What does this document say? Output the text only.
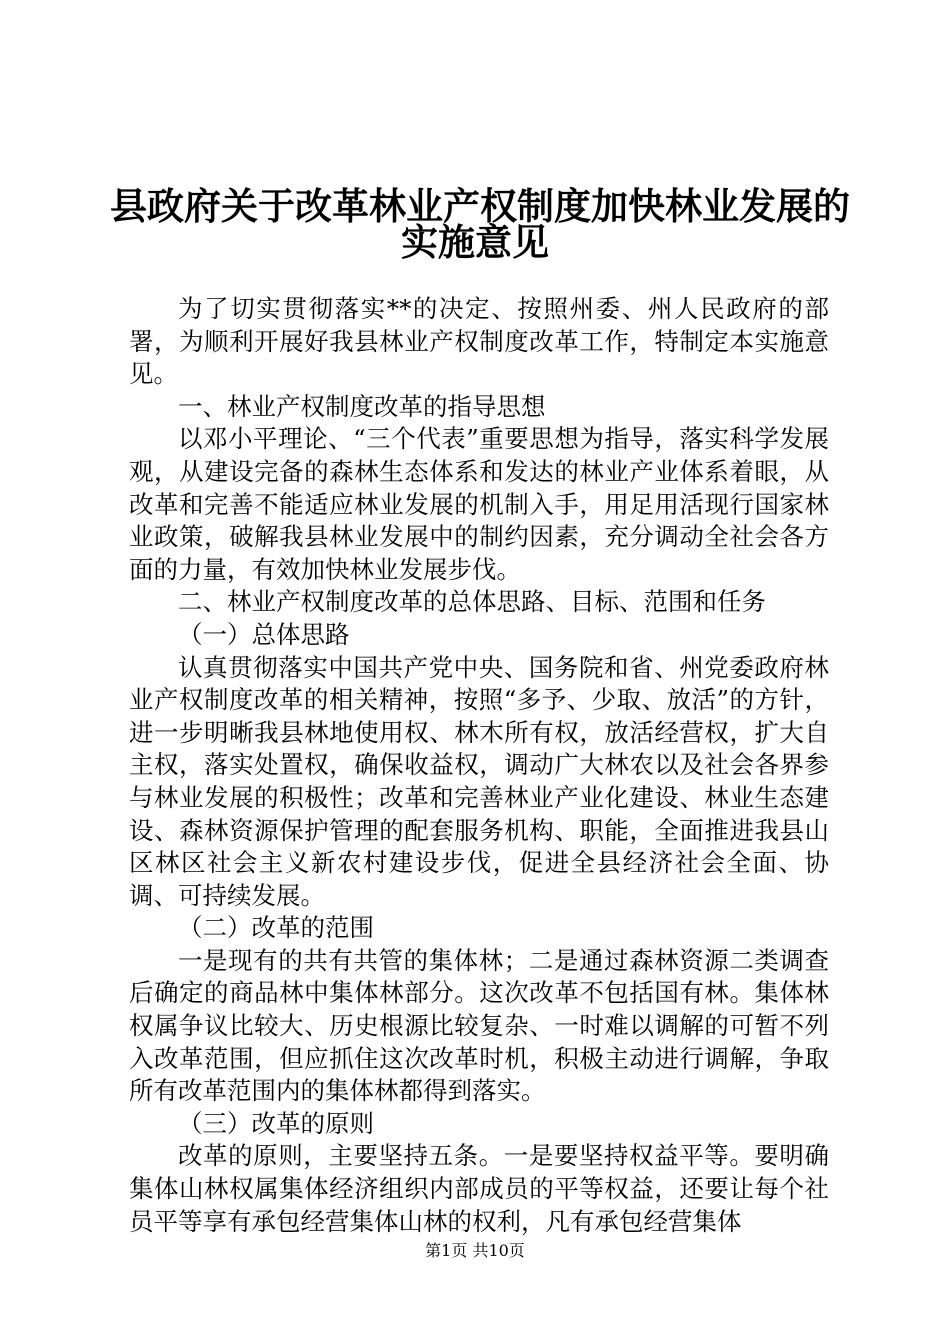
县政府关于改革林业产权制度加快林业发展的
实施意见

为了切实贯彻落实**的决定、按照州委、州人民政府的部署，为顺利开展好我县林业产权制度改革工作，特制定本实施意见。

一、林业产权制度改革的指导思想

以邓小平理论、“三个代表”重要思想为指导，落实科学发展观，从建设完备的森林生态体系和发达的林业产业体系着眼，从改革和完善不能适应林业发展的机制入手，用足用活现行国家林业政策，破解我县林业发展中的制约因素，充分调动全社会各方面的力量，有效加快林业发展步伐。

二、林业产权制度改革的总体思路、目标、范围和任务

（一）总体思路

认真贯彻落实中国共产党中央、国务院和省、州党委政府林业产权制度改革的相关精神，按照“多予、少取、放活”的方针，进一步明晰我县林地使用权、林木所有权，放活经营权，扩大自主权，落实处置权，确保收益权，调动广大林农以及社会各界参与林业发展的积极性；改革和完善林业产业化建设、林业生态建设、森林资源保护管理的配套服务机构、职能，全面推进我县山区林区社会主义新农村建设步伐，促进全县经济社会全面、协调、可持续发展。

（二）改革的范围

一是现有的共有共管的集体林；二是通过森林资源二类调查后确定的商品林中集体林部分。这次改革不包括国有林。集体林权属争议比较大、历史根源比较复杂、一时难以调解的可暂不列入改革范围，但应抓住这次改革时机，积极主动进行调解，争取所有改革范围内的集体林都得到落实。

（三）改革的原则

改革的原则，主要坚持五条。一是要坚持权益平等。要明确集体山林权属集体经济组织内部成员的平等权益，还要让每个社员平等享有承包经营集体山林的权利，凡有承包经营集体

第1页 共10页
